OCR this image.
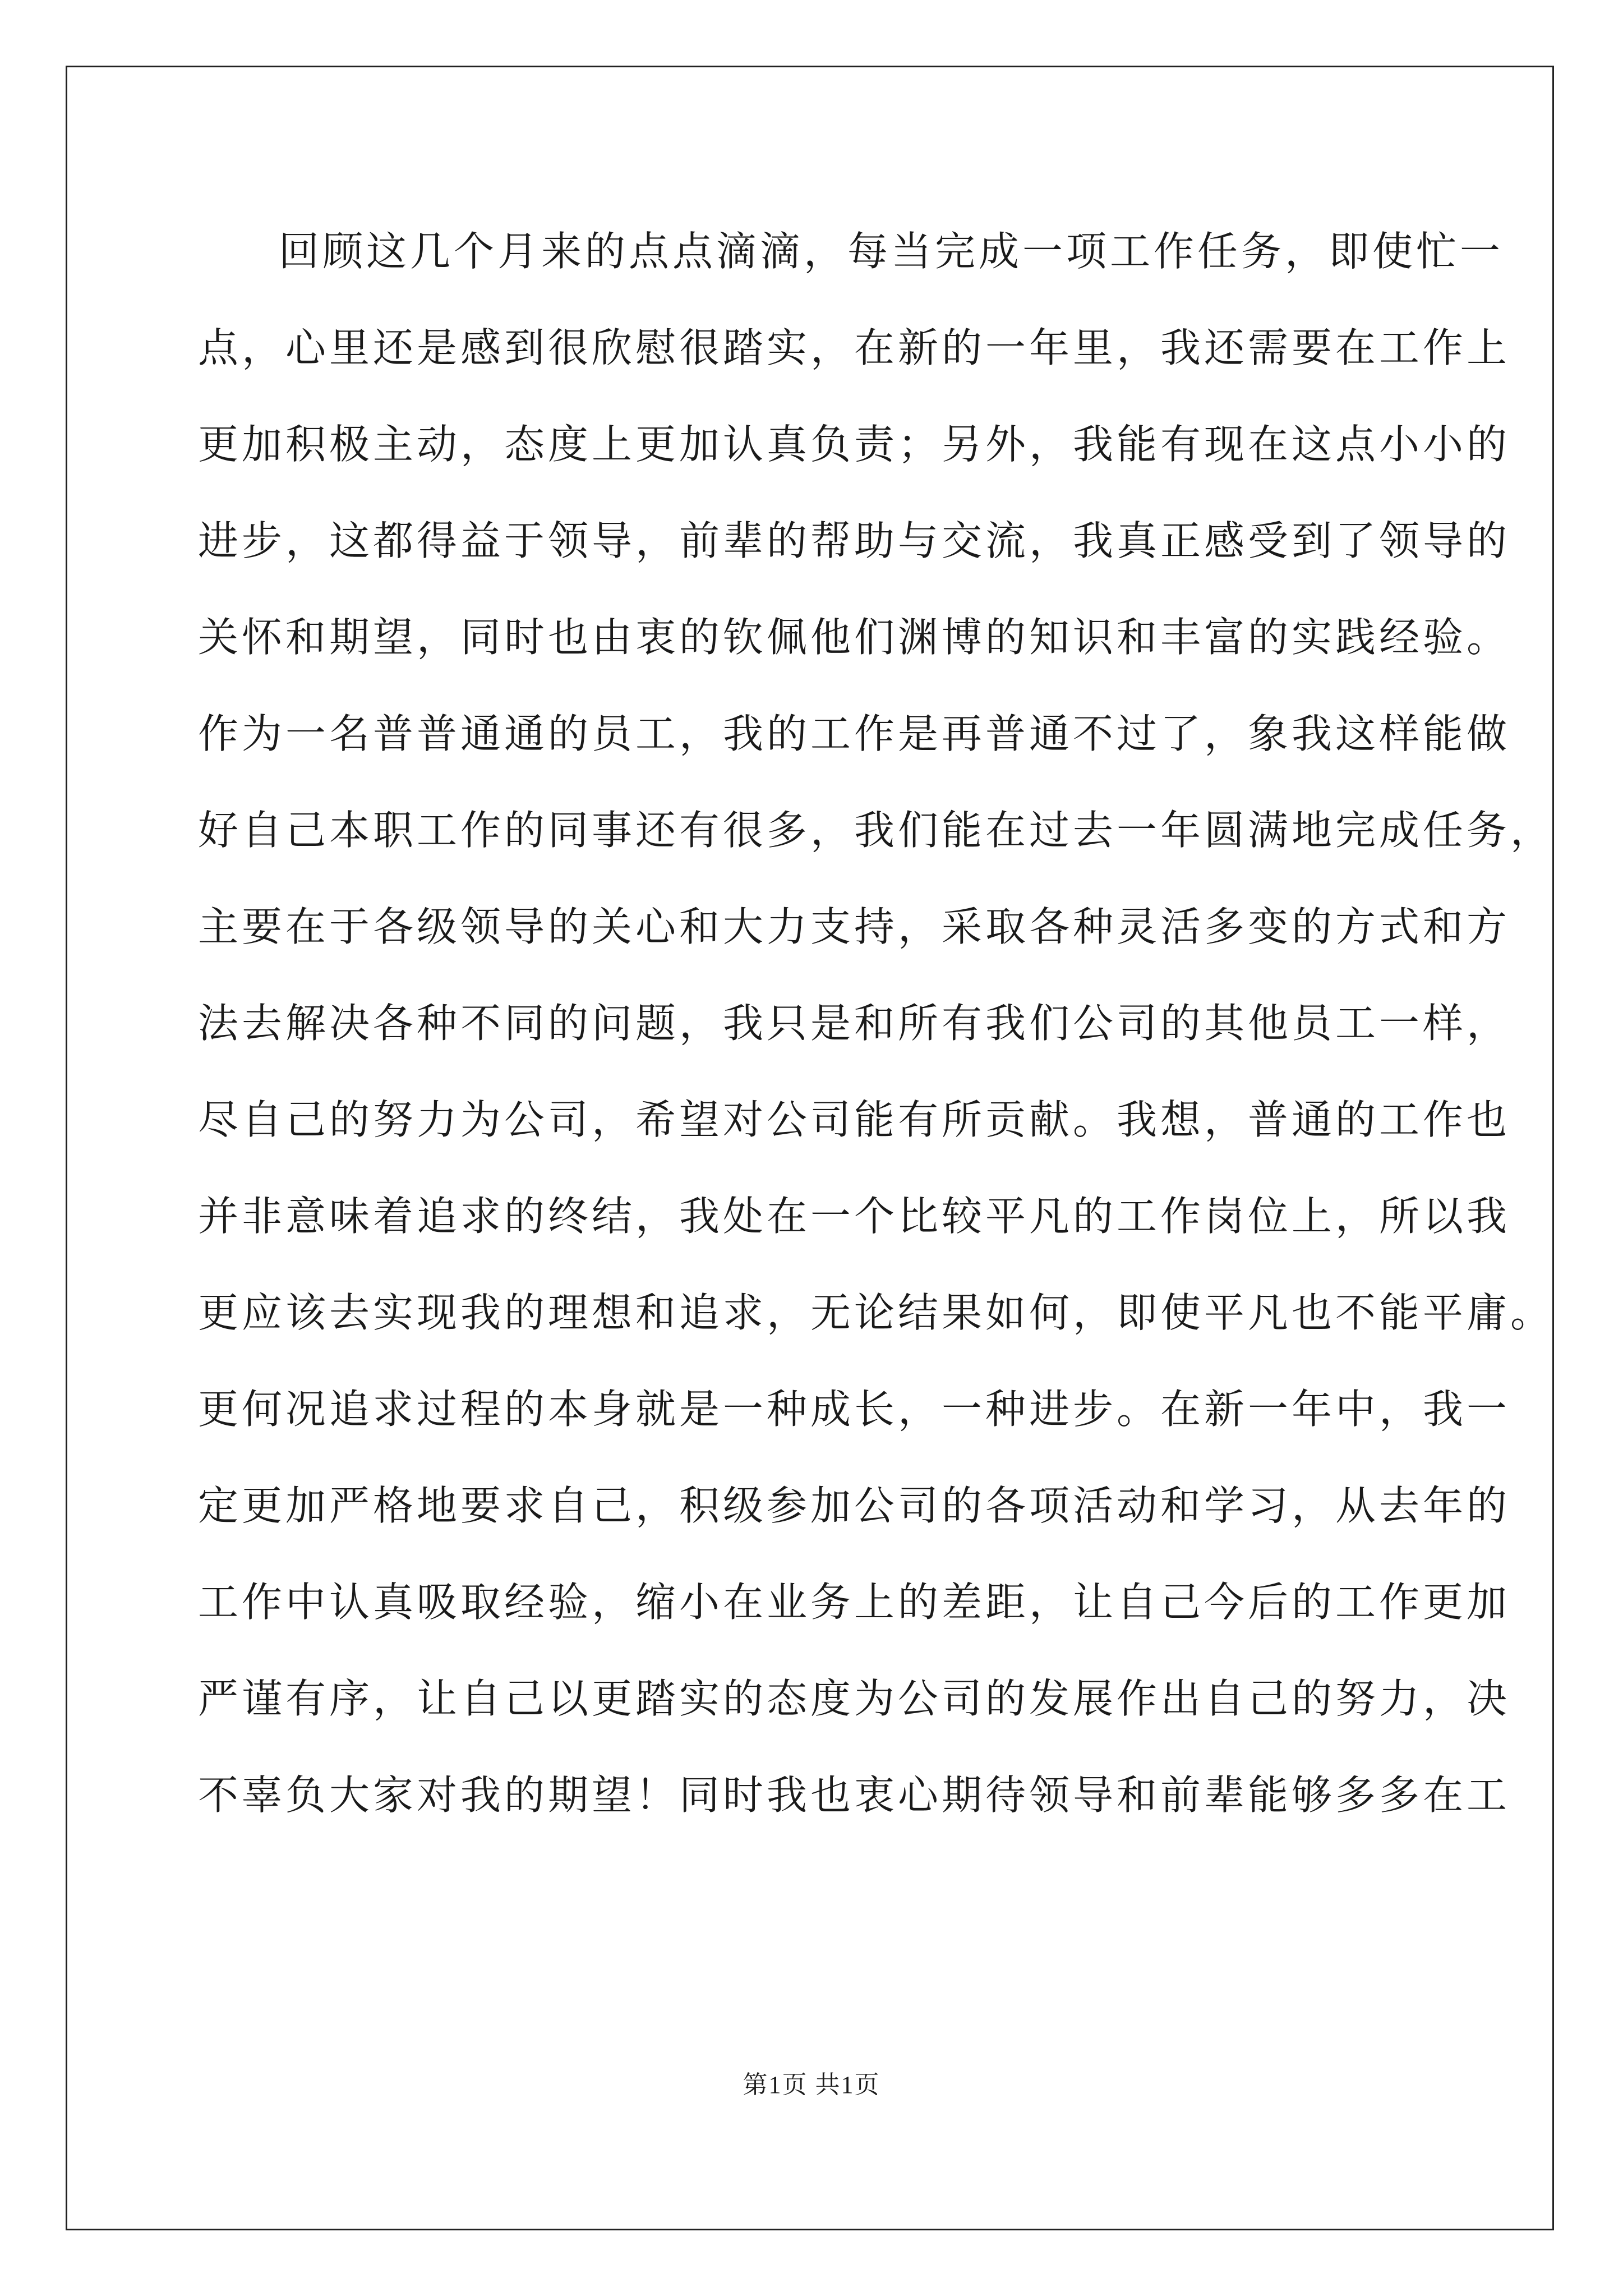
回顾这几个月来的点点滴滴，每当完成一项工作任务，即使忙一
点，心里还是感到很欣慰很踏实，在新的一年里，我还需要在工作上
更加积极主动，态度上更加认真负责；另外，我能有现在这点小小的
进步，这都得益于领导，前辈的帮助与交流，我真正感受到了领导的
关怀和期望，同时也由衷的钦佩他们渊博的知识和丰富的实践经验。
作为一名普普通通的员工，我的工作是再普通不过了，象我这样能做
好自己本职工作的同事还有很多，我们能在过去一年圆满地完成任务，
主要在于各级领导的关心和大力支持，采取各种灵活多变的方式和方
法去解决各种不同的问题，我只是和所有我们公司的其他员工一样，
尽自己的努力为公司，希望对公司能有所贡献。我想，普通的工作也
并非意味着追求的终结，我处在一个比较平凡的工作岗位上，所以我
更应该去实现我的理想和追求，无论结果如何，即使平凡也不能平庸。
更何况追求过程的本身就是一种成长，一种进步。在新一年中，我一
定更加严格地要求自己，积级参加公司的各项活动和学习，从去年的
工作中认真吸取经验，缩小在业务上的差距，让自己今后的工作更加
严谨有序，让自己以更踏实的态度为公司的发展作出自己的努力，决
不辜负大家对我的期望！同时我也衷心期待领导和前辈能够多多在工
第1页 共1页
